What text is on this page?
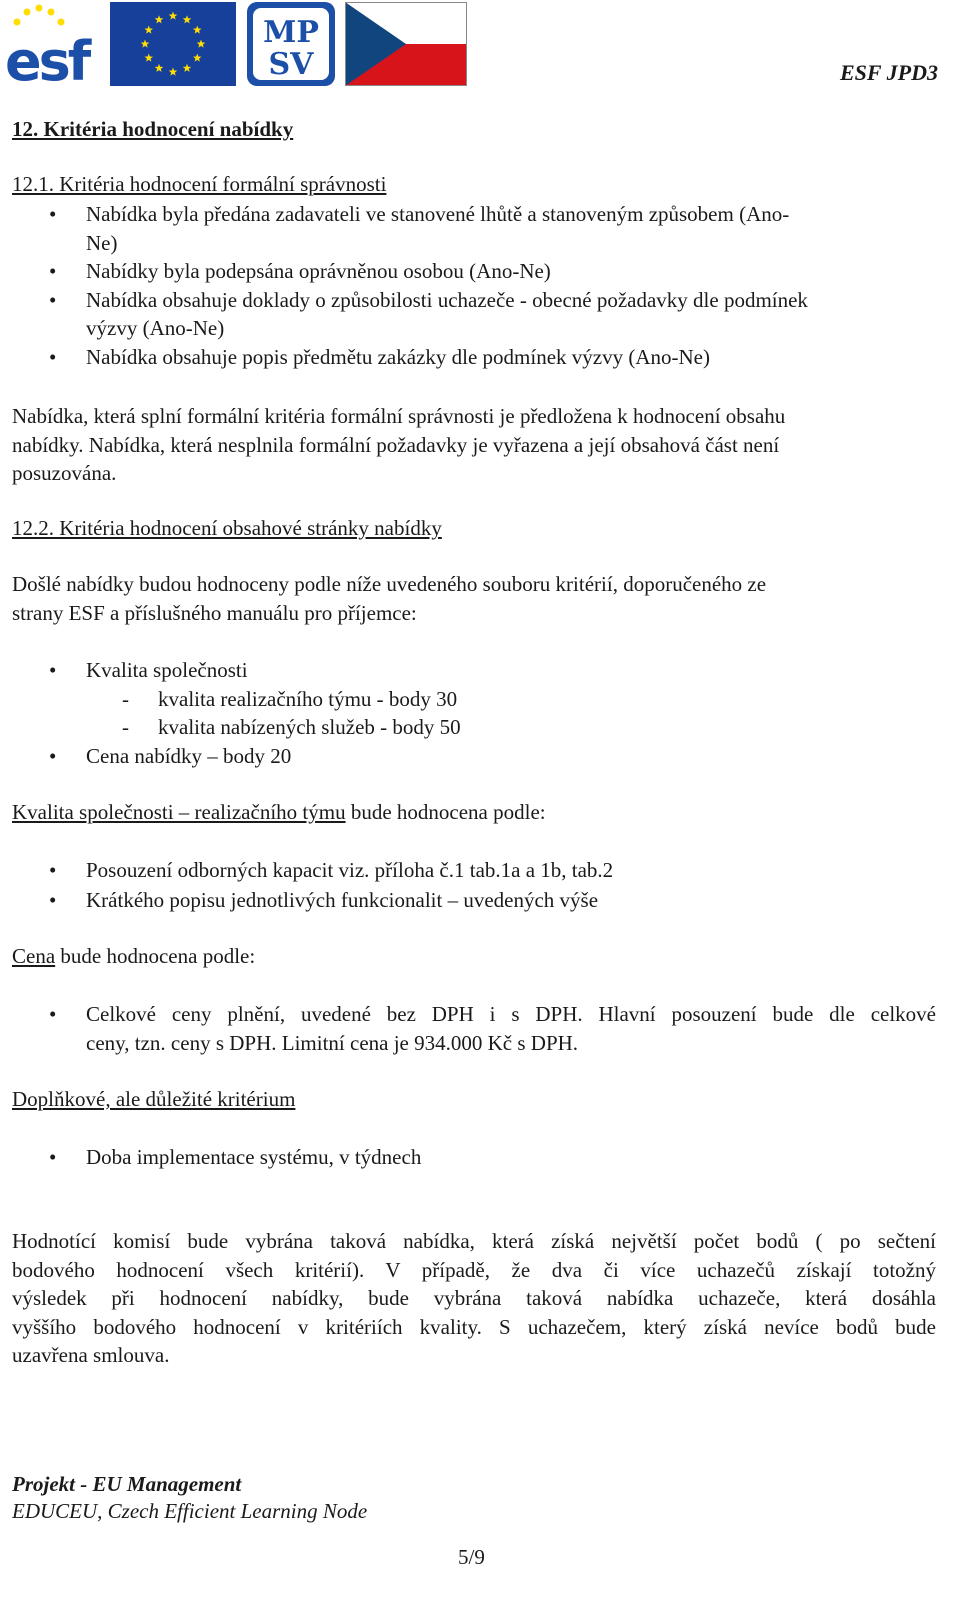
esf	MP
SV	ESF JPD3
12. Kritéria hodnocení nabídky
12.1. Kritéria hodnocení formální správnosti
• Nabídka byla předána zadavateli ve stanovené lhůtě a stanoveným způsobem (Ano-
Ne)
• Nabídky byla podepsána oprávněnou osobou (Ano-Ne)
• Nabídka obsahuje doklady o způsobilosti uchazeče - obecné požadavky dle podmínek
výzvy (Ano-Ne)
• Nabídka obsahuje popis předmětu zakázky dle podmínek výzvy (Ano-Ne)
Nabídka, která splní formální kritéria formální správnosti je předložena k hodnocení obsahu
nabídky. Nabídka, která nesplnila formální požadavky je vyřazena a její obsahová část není
posuzována.
12.2. Kritéria hodnocení obsahové stránky nabídky
Došlé nabídky budou hodnoceny podle níže uvedeného souboru kritérií, doporučeného ze
strany ESF a příslušného manuálu pro příjemce:
• Kvalita společnosti
- kvalita realizačního týmu - body 30
- kvalita nabízených služeb - body 50
• Cena nabídky – body 20
Kvalita společnosti – realizačního týmu bude hodnocena podle:
• Posouzení odborných kapacit viz. příloha č.1 tab.1a a 1b, tab.2
• Krátkého popisu jednotlivých funkcionalit – uvedených výše
Cena bude hodnocena podle:
• Celkové ceny plnění, uvedené bez DPH i s DPH. Hlavní posouzení bude dle celkové
ceny, tzn. ceny s DPH. Limitní cena je 934.000 Kč s DPH.
Doplňkové, ale důležité kritérium
• Doba implementace systému, v týdnech
Hodnotící komisí bude vybrána taková nabídka, která získá největší počet bodů ( po sečtení
bodového hodnocení všech kritérií). V případě, že dva či více uchazečů získají totožný
výsledek při hodnocení nabídky, bude vybrána taková nabídka uchazeče, která dosáhla
vyššího bodového hodnocení v kritériích kvality. S uchazečem, který získá nevíce bodů bude
uzavřena smlouva.
Projekt - EU Management
EDUCEU, Czech Efficient Learning Node
5/9
